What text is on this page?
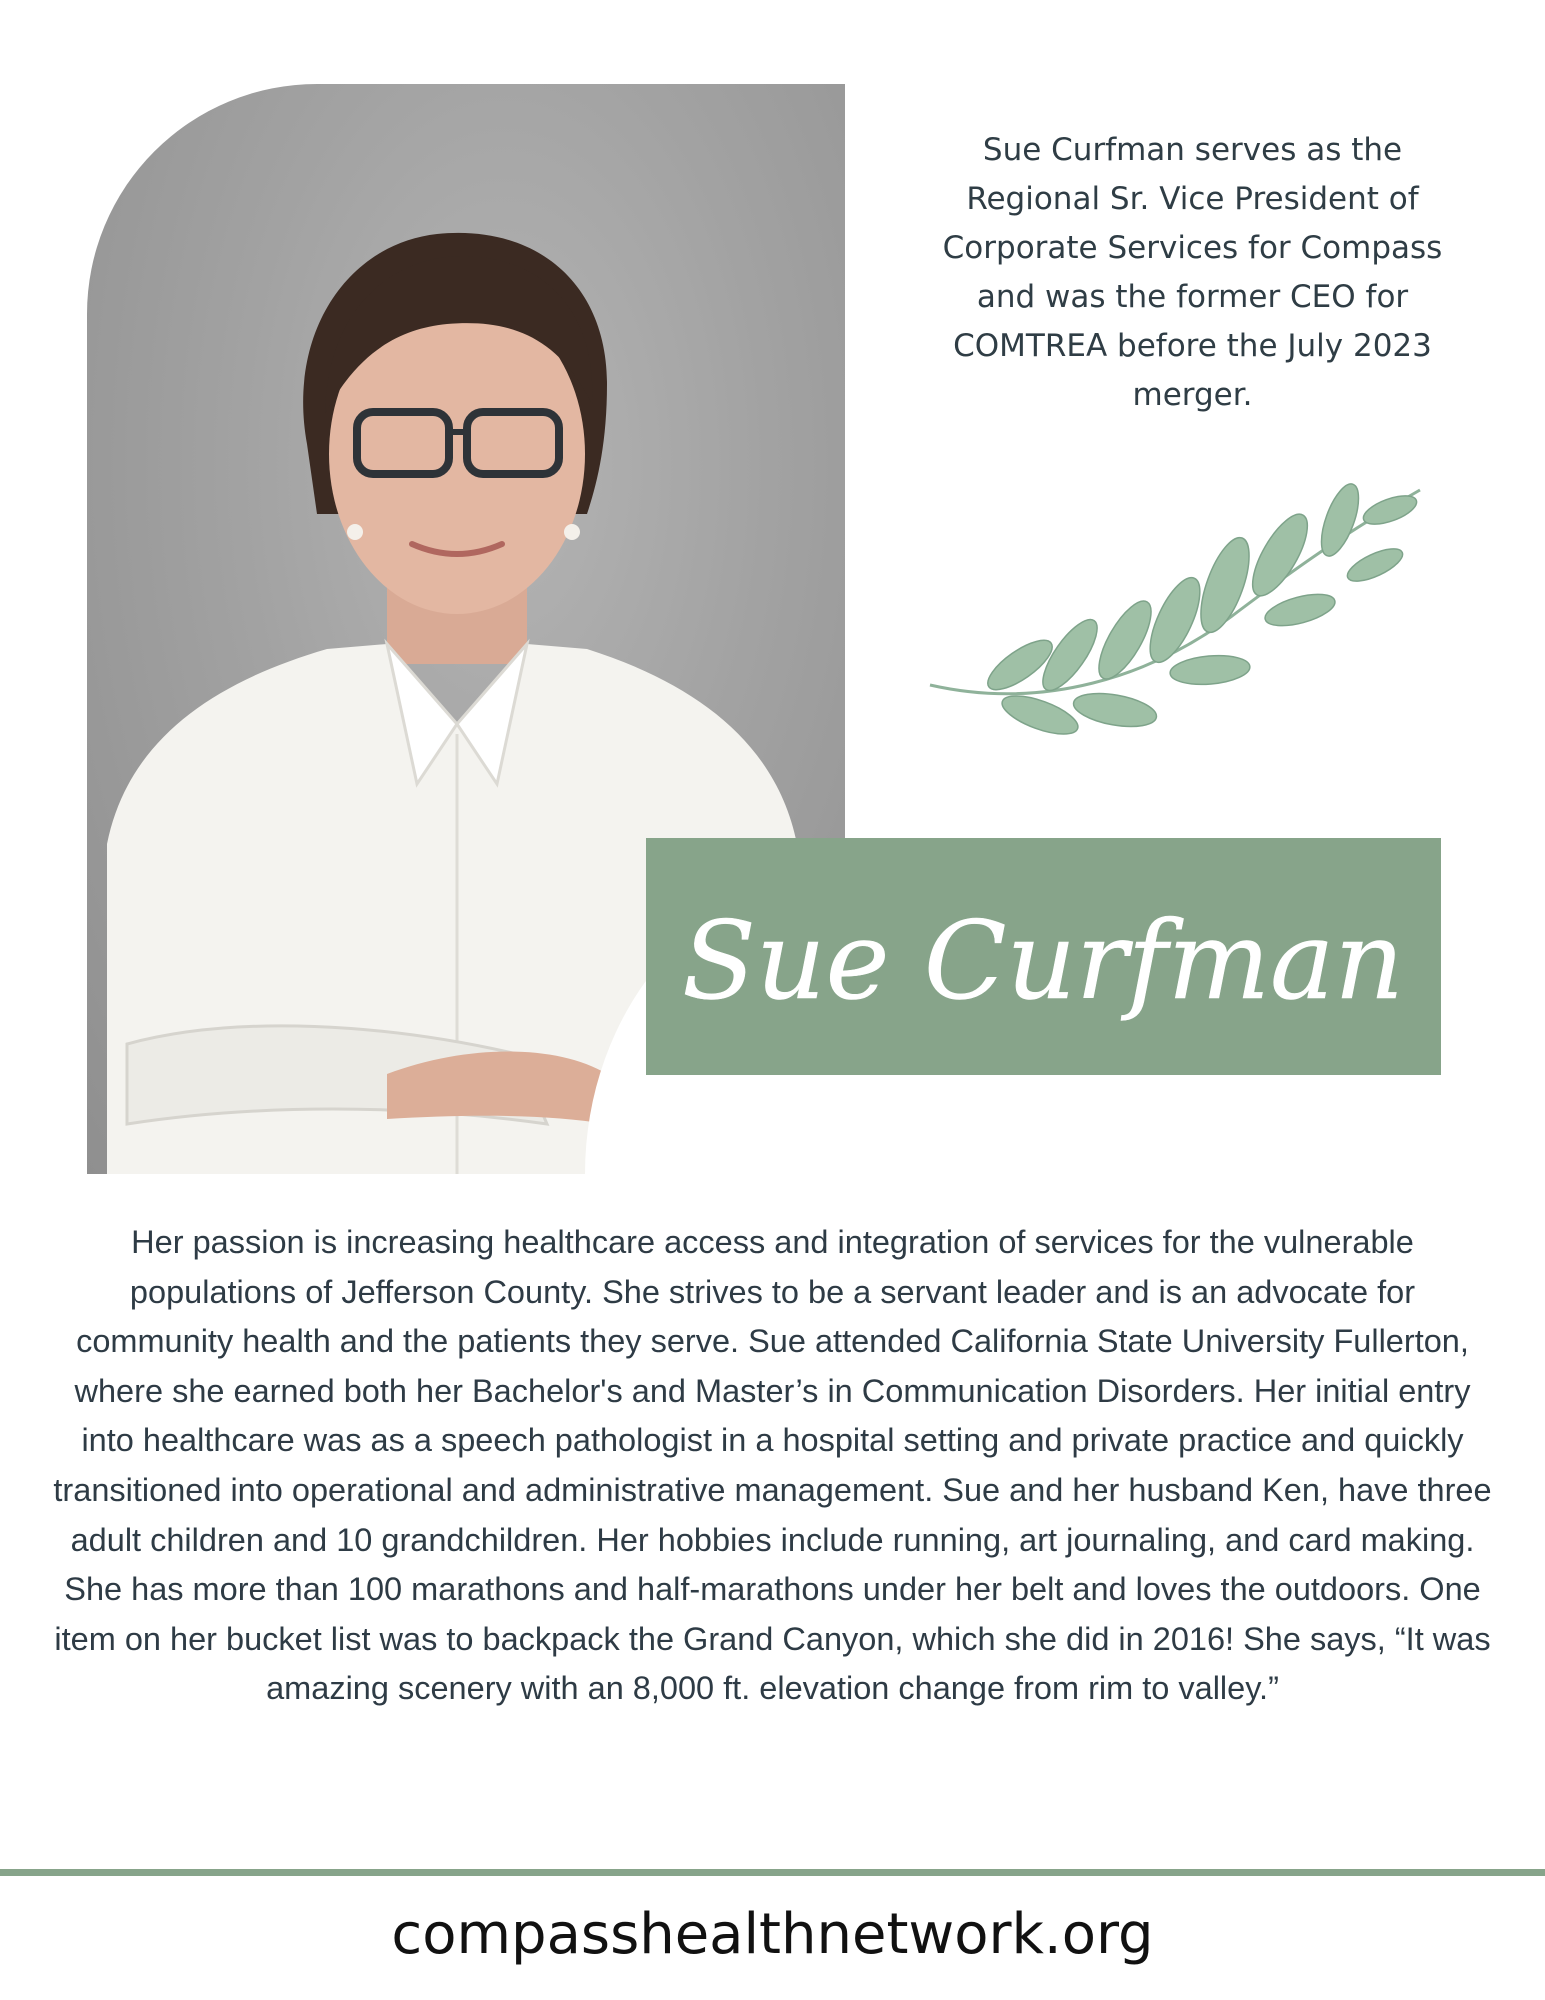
Sue Curfman serves as the Regional Sr. Vice President of Corporate Services for Compass and was the former CEO for COMTREA before the July 2023 merger.

Sue Curfman

Her passion is increasing healthcare access and integration of services for the vulnerable populations of Jefferson County. She strives to be a servant leader and is an advocate for community health and the patients they serve. Sue attended California State University Fullerton, where she earned both her Bachelor's and Master’s in Communication Disorders. Her initial entry into healthcare was as a speech pathologist in a hospital setting and private practice and quickly transitioned into operational and administrative management. Sue and her husband Ken, have three adult children and 10 grandchildren. Her hobbies include running, art journaling, and card making. She has more than 100 marathons and half-marathons under her belt and loves the outdoors. One item on her bucket list was to backpack the Grand Canyon, which she did in 2016! She says, “It was amazing scenery with an 8,000 ft. elevation change from rim to valley.”

compasshealthnetwork.org
